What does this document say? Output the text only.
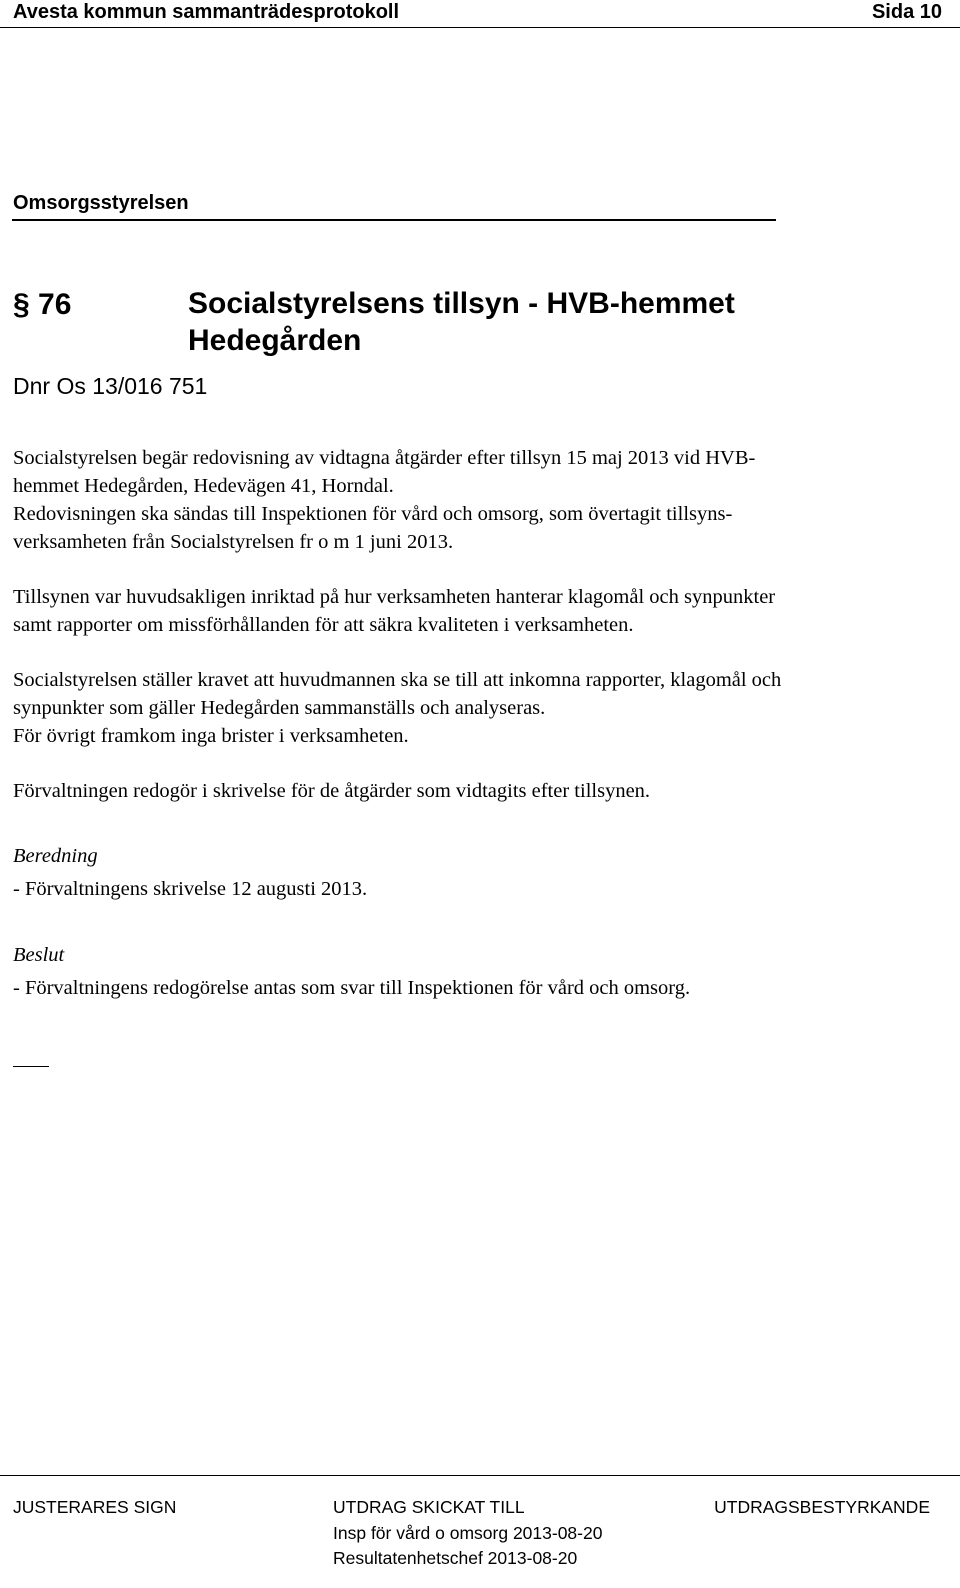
Avesta kommun sammanträdesprotokoll	Sida 10
Omsorgsstyrelsen
§ 76	Socialstyrelsens tillsyn - HVB-hemmet
Hedegården
Dnr Os 13/016 751
Socialstyrelsen begär redovisning av vidtagna åtgärder efter tillsyn 15 maj 2013 vid HVB-
hemmet Hedegården, Hedevägen 41, Horndal.
Redovisningen ska sändas till Inspektionen för vård och omsorg, som övertagit tillsyns-
verksamheten från Socialstyrelsen fr o m 1 juni 2013.
Tillsynen var huvudsakligen inriktad på hur verksamheten hanterar klagomål och synpunkter
samt rapporter om missförhållanden för att säkra kvaliteten i verksamheten.
Socialstyrelsen ställer kravet att huvudmannen ska se till att inkomna rapporter, klagomål och
synpunkter som gäller Hedegården sammanställs och analyseras.
För övrigt framkom inga brister i verksamheten.
Förvaltningen redogör i skrivelse för de åtgärder som vidtagits efter tillsynen.
Beredning
- Förvaltningens skrivelse 12 augusti 2013.
Beslut
- Förvaltningens redogörelse antas som svar till Inspektionen för vård och omsorg.
JUSTERARES SIGN	UTDRAG SKICKAT TILL	UTDRAGSBESTYRKANDE
Insp för vård o omsorg 2013-08-20
Resultatenhetschef 2013-08-20
